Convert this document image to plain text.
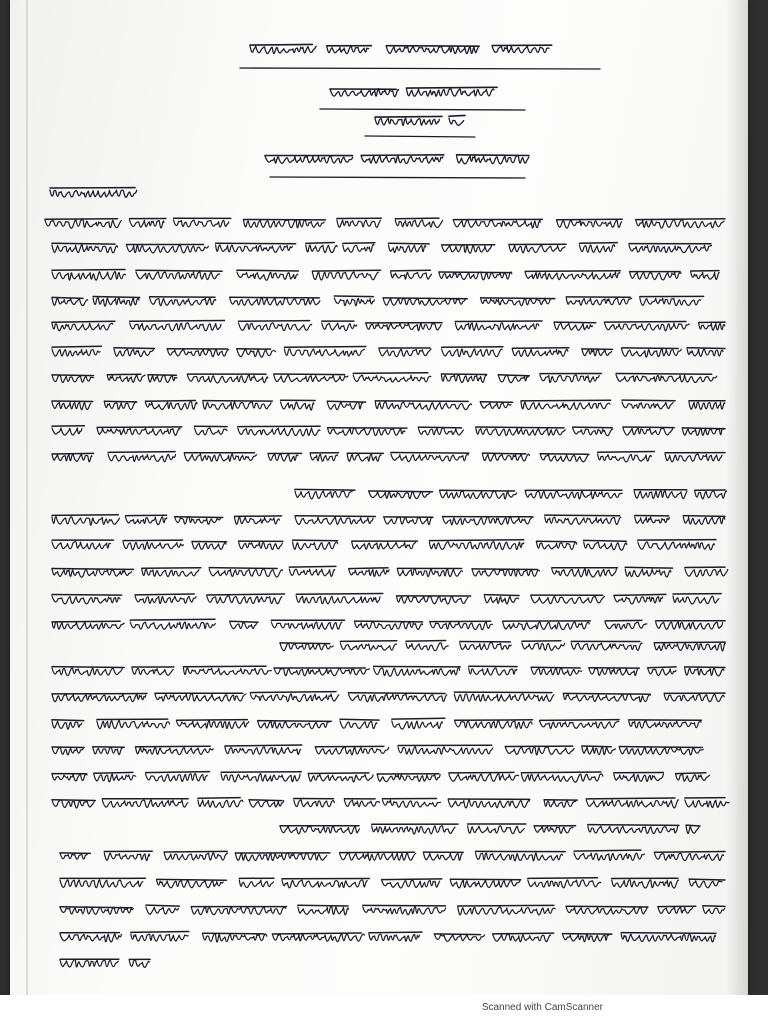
Scanned with CamScanner
